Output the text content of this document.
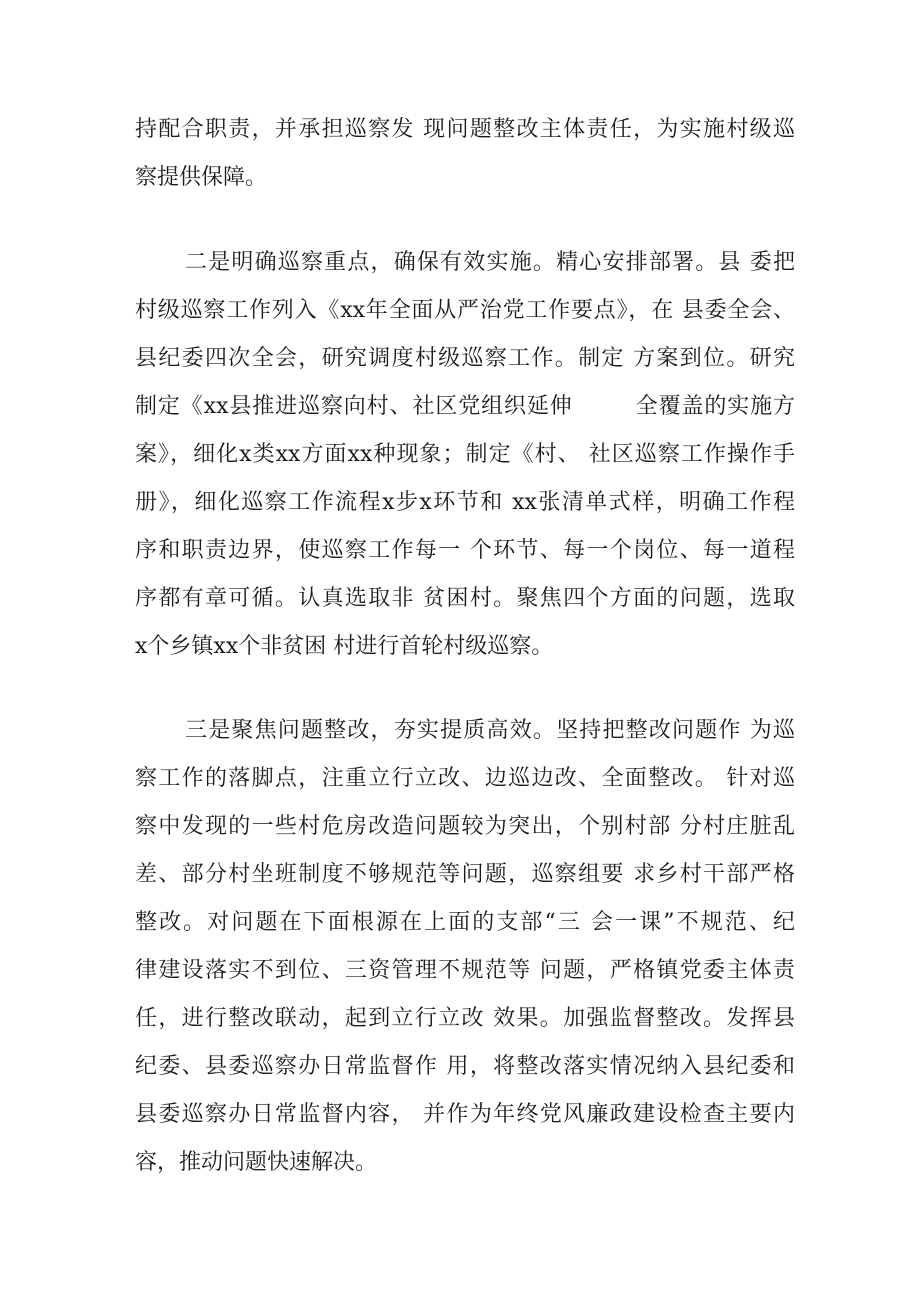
持配合职责，并承担巡察发 现问题整改主体责任，为实施村级巡
察提供保障。
二是明确巡察重点，确保有效实施。精心安排部署。县 委把
村级巡察工作列入《xx年全面从严治党工作要点》，在 县委全会、
县纪委四次全会，研究调度村级巡察工作。制定 方案到位。研究
制定《xx县推进巡察向村、社区党组织延伸        全覆盖的实施方
案》，细化x类xx方面xx种现象；制定《村、 社区巡察工作操作手
册》，细化巡察工作流程x步x环节和 xx张清单式样，明确工作程
序和职责边界，使巡察工作每一 个环节、每一个岗位、每一道程
序都有章可循。认真选取非 贫困村。聚焦四个方面的问题，选取
x个乡镇xx个非贫困 村进行首轮村级巡察。
三是聚焦问题整改，夯实提质高效。坚持把整改问题作 为巡
察工作的落脚点，注重立行立改、边巡边改、全面整改。 针对巡
察中发现的一些村危房改造问题较为突出，个别村部 分村庄脏乱
差、部分村坐班制度不够规范等问题，巡察组要 求乡村干部严格
整改。对问题在下面根源在上面的支部“三 会一课”不规范、纪
律建设落实不到位、三资管理不规范等 问题，严格镇党委主体责
任，进行整改联动，起到立行立改 效果。加强监督整改。发挥县
纪委、县委巡察办日常监督作 用，将整改落实情况纳入县纪委和
县委巡察办日常监督内容， 并作为年终党风廉政建设检查主要内
容，推动问题快速解决。
